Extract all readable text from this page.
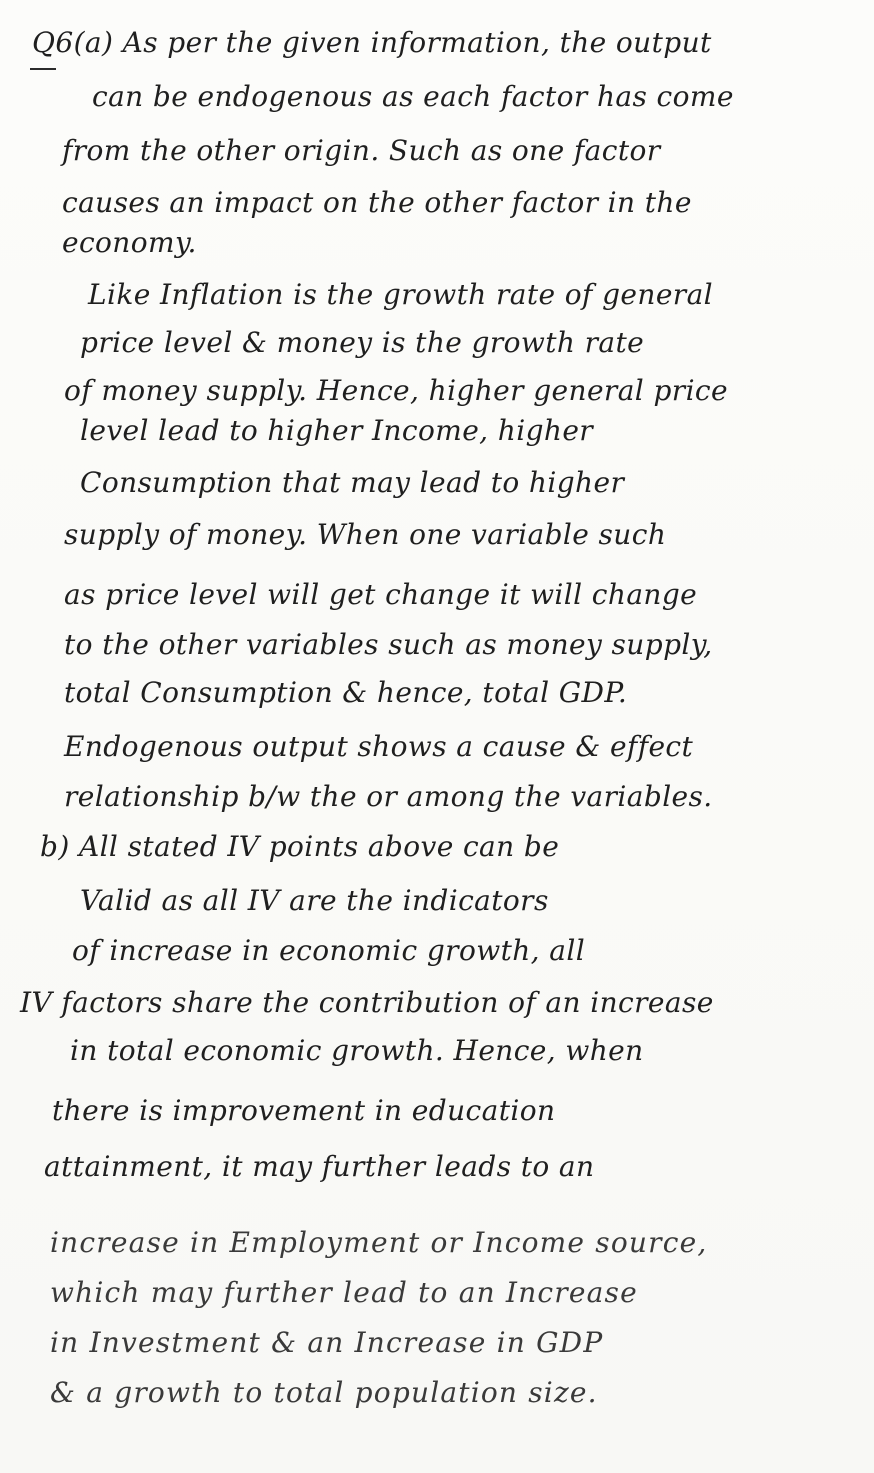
Q6(a) As per the given information, the output

can be endogenous as each factor has come

from the other origin. Such as one factor

causes an impact on the other factor in the

economy.

Like Inflation is the growth rate of general

price level & money is the growth rate

of money supply. Hence, higher general price

level lead to higher Income, higher

Consumption that may lead to higher

supply of money. When one variable such

as price level will get change it will change

to the other variables such as money supply,

total Consumption & hence, total GDP.

Endogenous output shows a cause & effect

relationship b/w the or among the variables.

b) All stated IV points above can be

Valid as all IV are the indicators

of increase in economic growth, all

IV factors share the contribution of an increase

in total economic growth. Hence, when

there is improvement in education

attainment, it may further leads to an

increase in Employment or Income source,

which may further lead to an Increase

in Investment & an Increase in GDP

& a growth to total population size.
